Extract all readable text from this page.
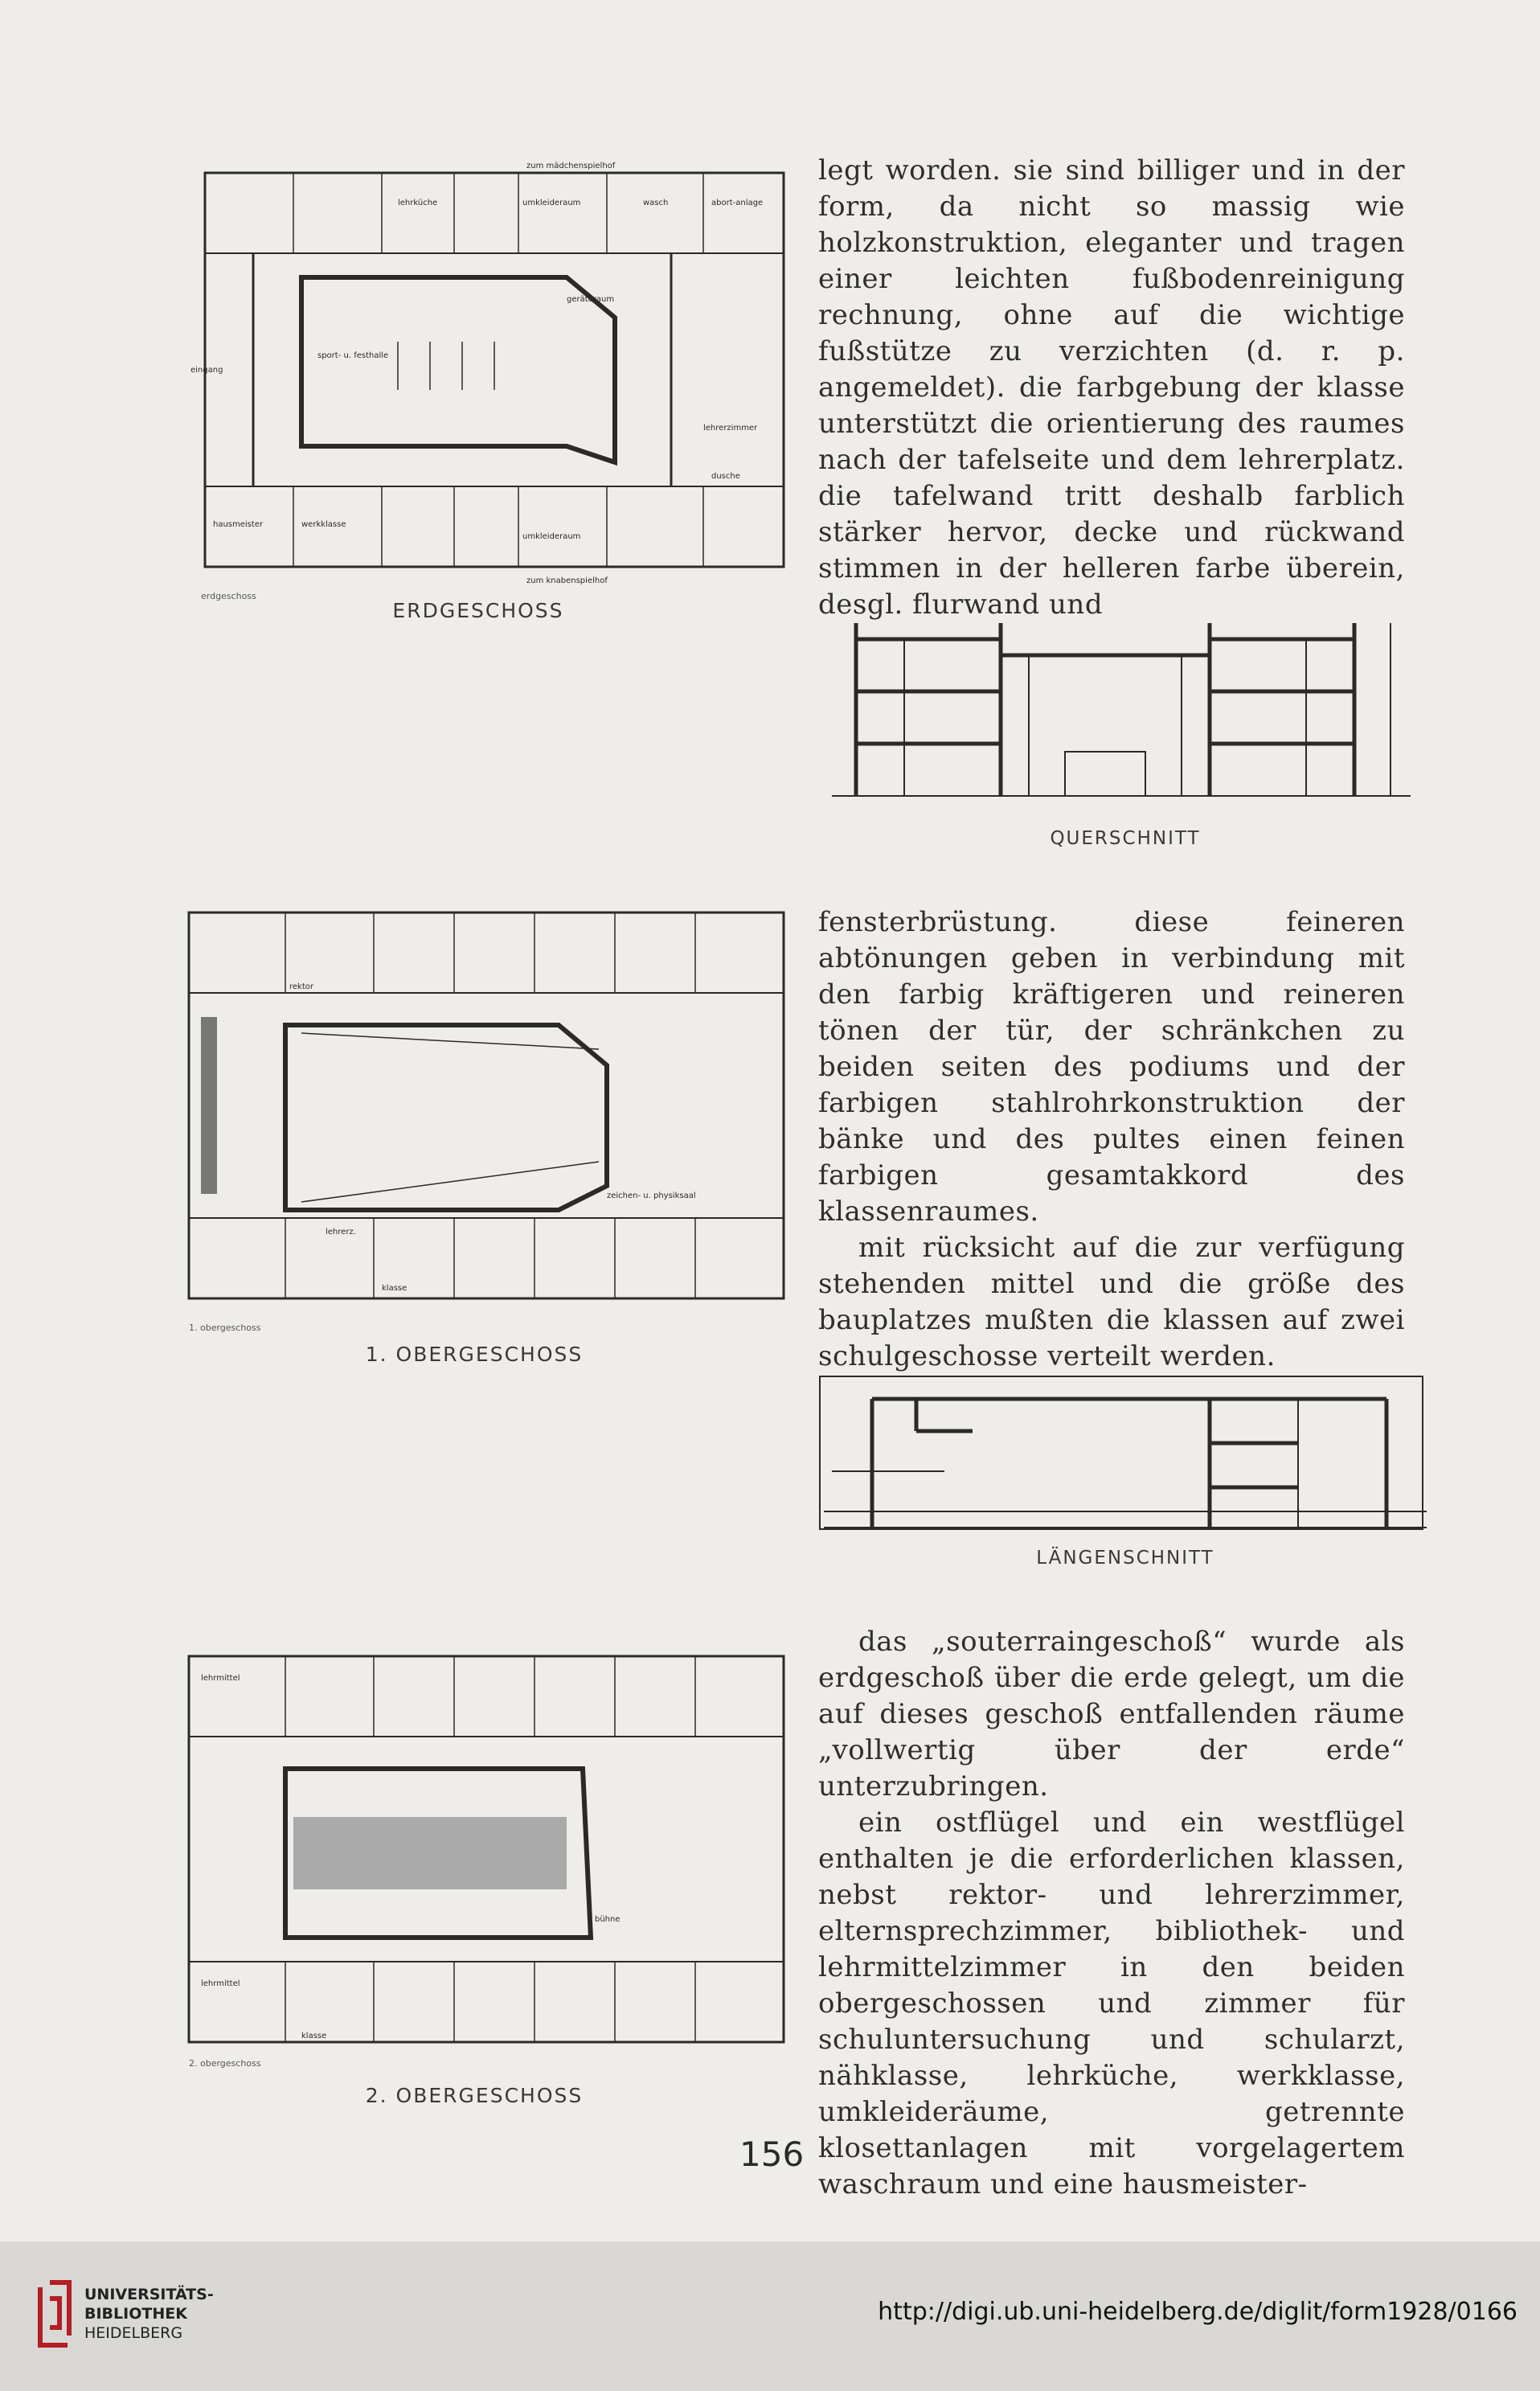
zum mädchenspielhof
zum knabenspielhof
eingang
sport- u. festhalle
geräteraum
umkleideraum
umkleideraum
wasch	abort-anlage
dusche
lehrerzimmer
lehrküche
werkklasse
hausmeister
erdgeschoss
ERDGESCHOSS

legt worden. sie sind billiger und in der form, da nicht so massig wie holzkonstruktion, eleganter und tragen einer leichten fußbodenreinigung rechnung, ohne auf die wichtige fußstütze zu verzichten (d. r. p. angemeldet). die farbgebung der klasse unterstützt die orientierung des raumes nach der tafelseite und dem lehrerplatz. die tafelwand tritt deshalb farblich stärker hervor, decke und rückwand stimmen in der helleren farbe überein, desgl. flurwand und

QUERSCHNITT
rektor
lehrerz.
klasse
zeichen- u. physiksaal
1. obergeschoss
1. OBERGESCHOSS

fensterbrüstung. diese feineren abtönungen geben in verbindung mit den farbig kräftigeren und reineren tönen der tür, der schränkchen zu beiden seiten des podiums und der farbigen stahlrohrkonstruktion der bänke und des pultes einen feinen farbigen gesamtakkord des klassenraumes.

mit rücksicht auf die zur verfügung stehenden mittel und die größe des bauplatzes mußten die klassen auf zwei schulgeschosse verteilt werden.

LÄNGENSCHNITT
lehrmittel
lehrmittel
klasse
bühne
2. obergeschoss
2. OBERGESCHOSS

das „souterraingeschoß“ wurde als erdgeschoß über die erde gelegt, um die auf dieses geschoß entfallenden räume „vollwertig über der erde“ unterzubringen.

ein ostflügel und ein westflügel enthalten je die erforderlichen klassen, nebst rektor- und lehrerzimmer, elternsprechzimmer, bibliothek- und lehrmittelzimmer in den beiden obergeschossen und zimmer für schuluntersuchung und schularzt, nähklasse, lehrküche, werkklasse, umkleideräume, getrennte klosettanlagen mit vorgelagertem waschraum und eine hausmeister-

156
UNIVERSITÄTS-
BIBLIOTHEK
HEIDELBERG
http://digi.ub.uni-heidelberg.de/diglit/form1928/0166
